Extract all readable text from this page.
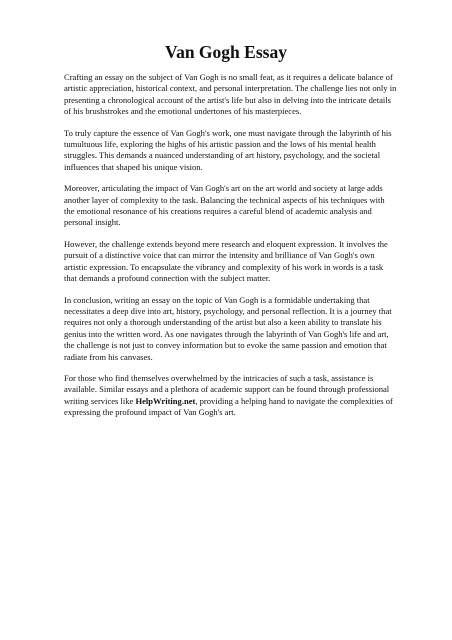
Van Gogh Essay

Crafting an essay on the subject of Van Gogh is no small feat, as it requires a delicate balance of
artistic appreciation, historical context, and personal interpretation. The challenge lies not only in
presenting a chronological account of the artist's life but also in delving into the intricate details
of his brushstrokes and the emotional undertones of his masterpieces.

To truly capture the essence of Van Gogh's work, one must navigate through the labyrinth of his
tumultuous life, exploring the highs of his artistic passion and the lows of his mental health
struggles. This demands a nuanced understanding of art history, psychology, and the societal
influences that shaped his unique vision.

Moreover, articulating the impact of Van Gogh's art on the art world and society at large adds
another layer of complexity to the task. Balancing the technical aspects of his techniques with
the emotional resonance of his creations requires a careful blend of academic analysis and
personal insight.

However, the challenge extends beyond mere research and eloquent expression. It involves the
pursuit of a distinctive voice that can mirror the intensity and brilliance of Van Gogh's own
artistic expression. To encapsulate the vibrancy and complexity of his work in words is a task
that demands a profound connection with the subject matter.

In conclusion, writing an essay on the topic of Van Gogh is a formidable undertaking that
necessitates a deep dive into art, history, psychology, and personal reflection. It is a journey that
requires not only a thorough understanding of the artist but also a keen ability to translate his
genius into the written word. As one navigates through the labyrinth of Van Gogh's life and art,
the challenge is not just to convey information but to evoke the same passion and emotion that
radiate from his canvases.

For those who find themselves overwhelmed by the intricacies of such a task, assistance is
available. Similar essays and a plethora of academic support can be found through professional
writing services like HelpWriting.net, providing a helping hand to navigate the complexities of
expressing the profound impact of Van Gogh's art.
